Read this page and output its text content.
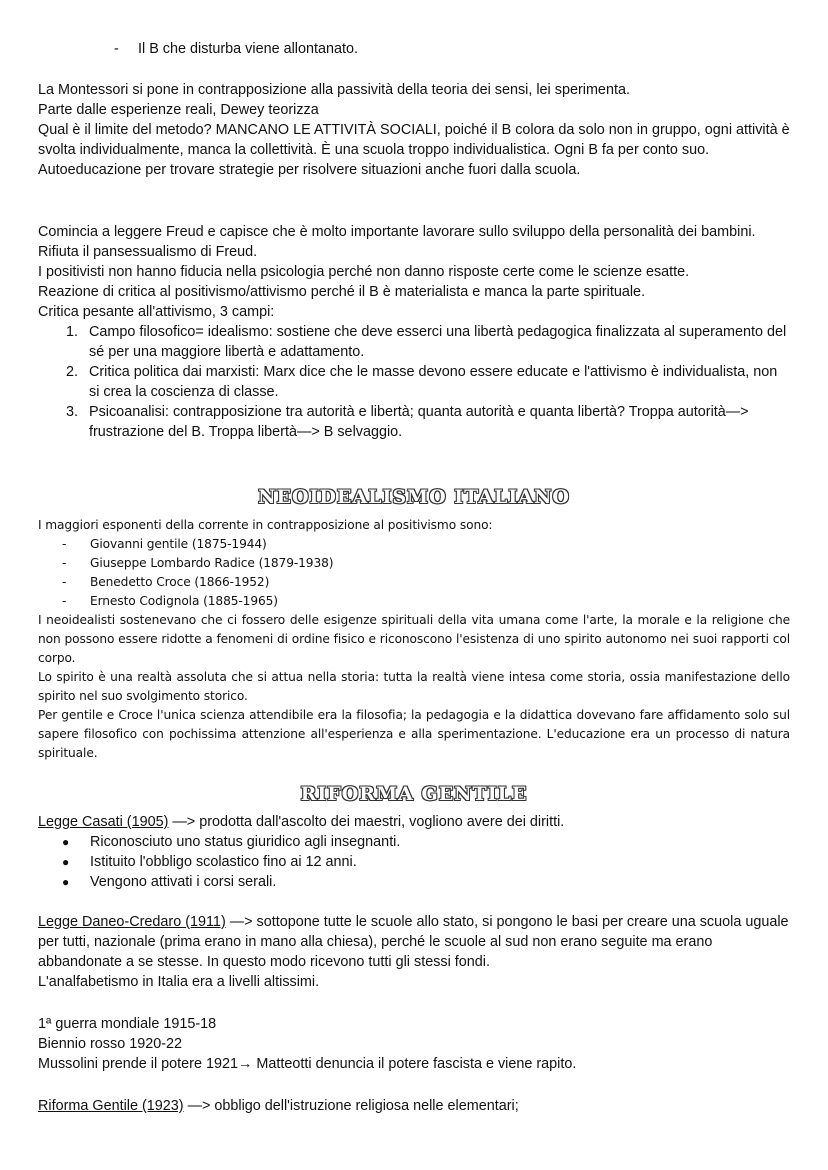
- Il B che disturba viene allontanato.

La Montessori si pone in contrapposizione alla passività della teoria dei sensi, lei sperimenta.

Parte dalle esperienze reali, Dewey teorizza

Qual è il limite del metodo? MANCANO LE ATTIVITÀ SOCIALI, poiché il B colora da solo non in gruppo, ogni attività è svolta individualmente, manca la collettività. È una scuola troppo individualistica. Ogni B fa per conto suo.

Autoeducazione per trovare strategie per risolvere situazioni anche fuori dalla scuola.

Comincia a leggere Freud e capisce che è molto importante lavorare sullo sviluppo della personalità dei bambini.Rifiuta il pansessualismo di Freud.

I positivisti non hanno fiducia nella psicologia perché non danno risposte certe come le scienze esatte.

Reazione di critica al positivismo/attivismo perché il B è materialista e manca la parte spirituale.

Critica pesante all'attivismo, 3 campi:

1. Campo filosofico= idealismo: sostiene che deve esserci una libertà pedagogica finalizzata al superamento del sé per una maggiore libertà e adattamento.
2. Critica politica dai marxisti: Marx dice che le masse devono essere educate e l'attivismo è individualista, non si crea la coscienza di classe.
3. Psicoanalisi: contrapposizione tra autorità e libertà; quanta autorità e quanta libertà? Troppa autorità—> frustrazione del B. Troppa libertà—> B selvaggio.
NEOIDEALISMO ITALIANO

I maggiori esponenti della corrente in contrapposizione al positivismo sono:

- Giovanni gentile (1875-1944)
- Giuseppe Lombardo Radice (1879-1938)
- Benedetto Croce (1866-1952)
- Ernesto Codignola (1885-1965)

I neoidealisti sostenevano che ci fossero delle esigenze spirituali della vita umana come l'arte, la morale e la religione che non possono essere ridotte a fenomeni di ordine fisico e riconoscono l'esistenza di uno spirito autonomo nei suoi rapporti col corpo.

Lo spirito è una realtà assoluta che si attua nella storia: tutta la realtà viene intesa come storia, ossia manifestazione dello spirito nel suo svolgimento storico.

Per gentile e Croce l'unica scienza attendibile era la filosofia; la pedagogia e la didattica dovevano fare affidamento solo sul sapere filosofico con pochissima attenzione all'esperienza e alla sperimentazione. L'educazione era un processo di natura spirituale.

RIFORMA GENTILE

Legge Casati (1905) —> prodotta dall'ascolto dei maestri, vogliono avere dei diritti.

● Riconosciuto uno status giuridico agli insegnanti.
● Istituito l'obbligo scolastico fino ai 12 anni.
● Vengono attivati i corsi serali.

Legge Daneo-Credaro (1911) —> sottopone tutte le scuole allo stato, si pongono le basi per creare una scuola uguale per tutti, nazionale (prima erano in mano alla chiesa), perché le scuole al sud non erano seguite ma erano abbandonate a se stesse. In questo modo ricevono tutti gli stessi fondi.

L'analfabetismo in Italia era a livelli altissimi.

1ª guerra mondiale 1915-18

Biennio rosso 1920-22

Mussolini prende il potere 1921→ Matteotti denuncia il potere fascista e viene rapito.

Riforma Gentile (1923) —> obbligo dell'istruzione religiosa nelle elementari;
